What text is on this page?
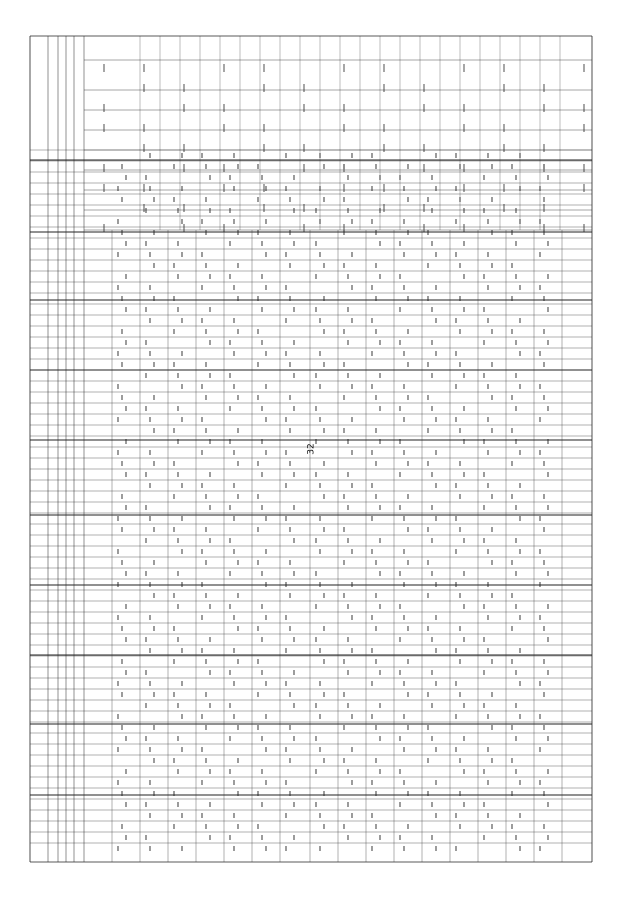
32
